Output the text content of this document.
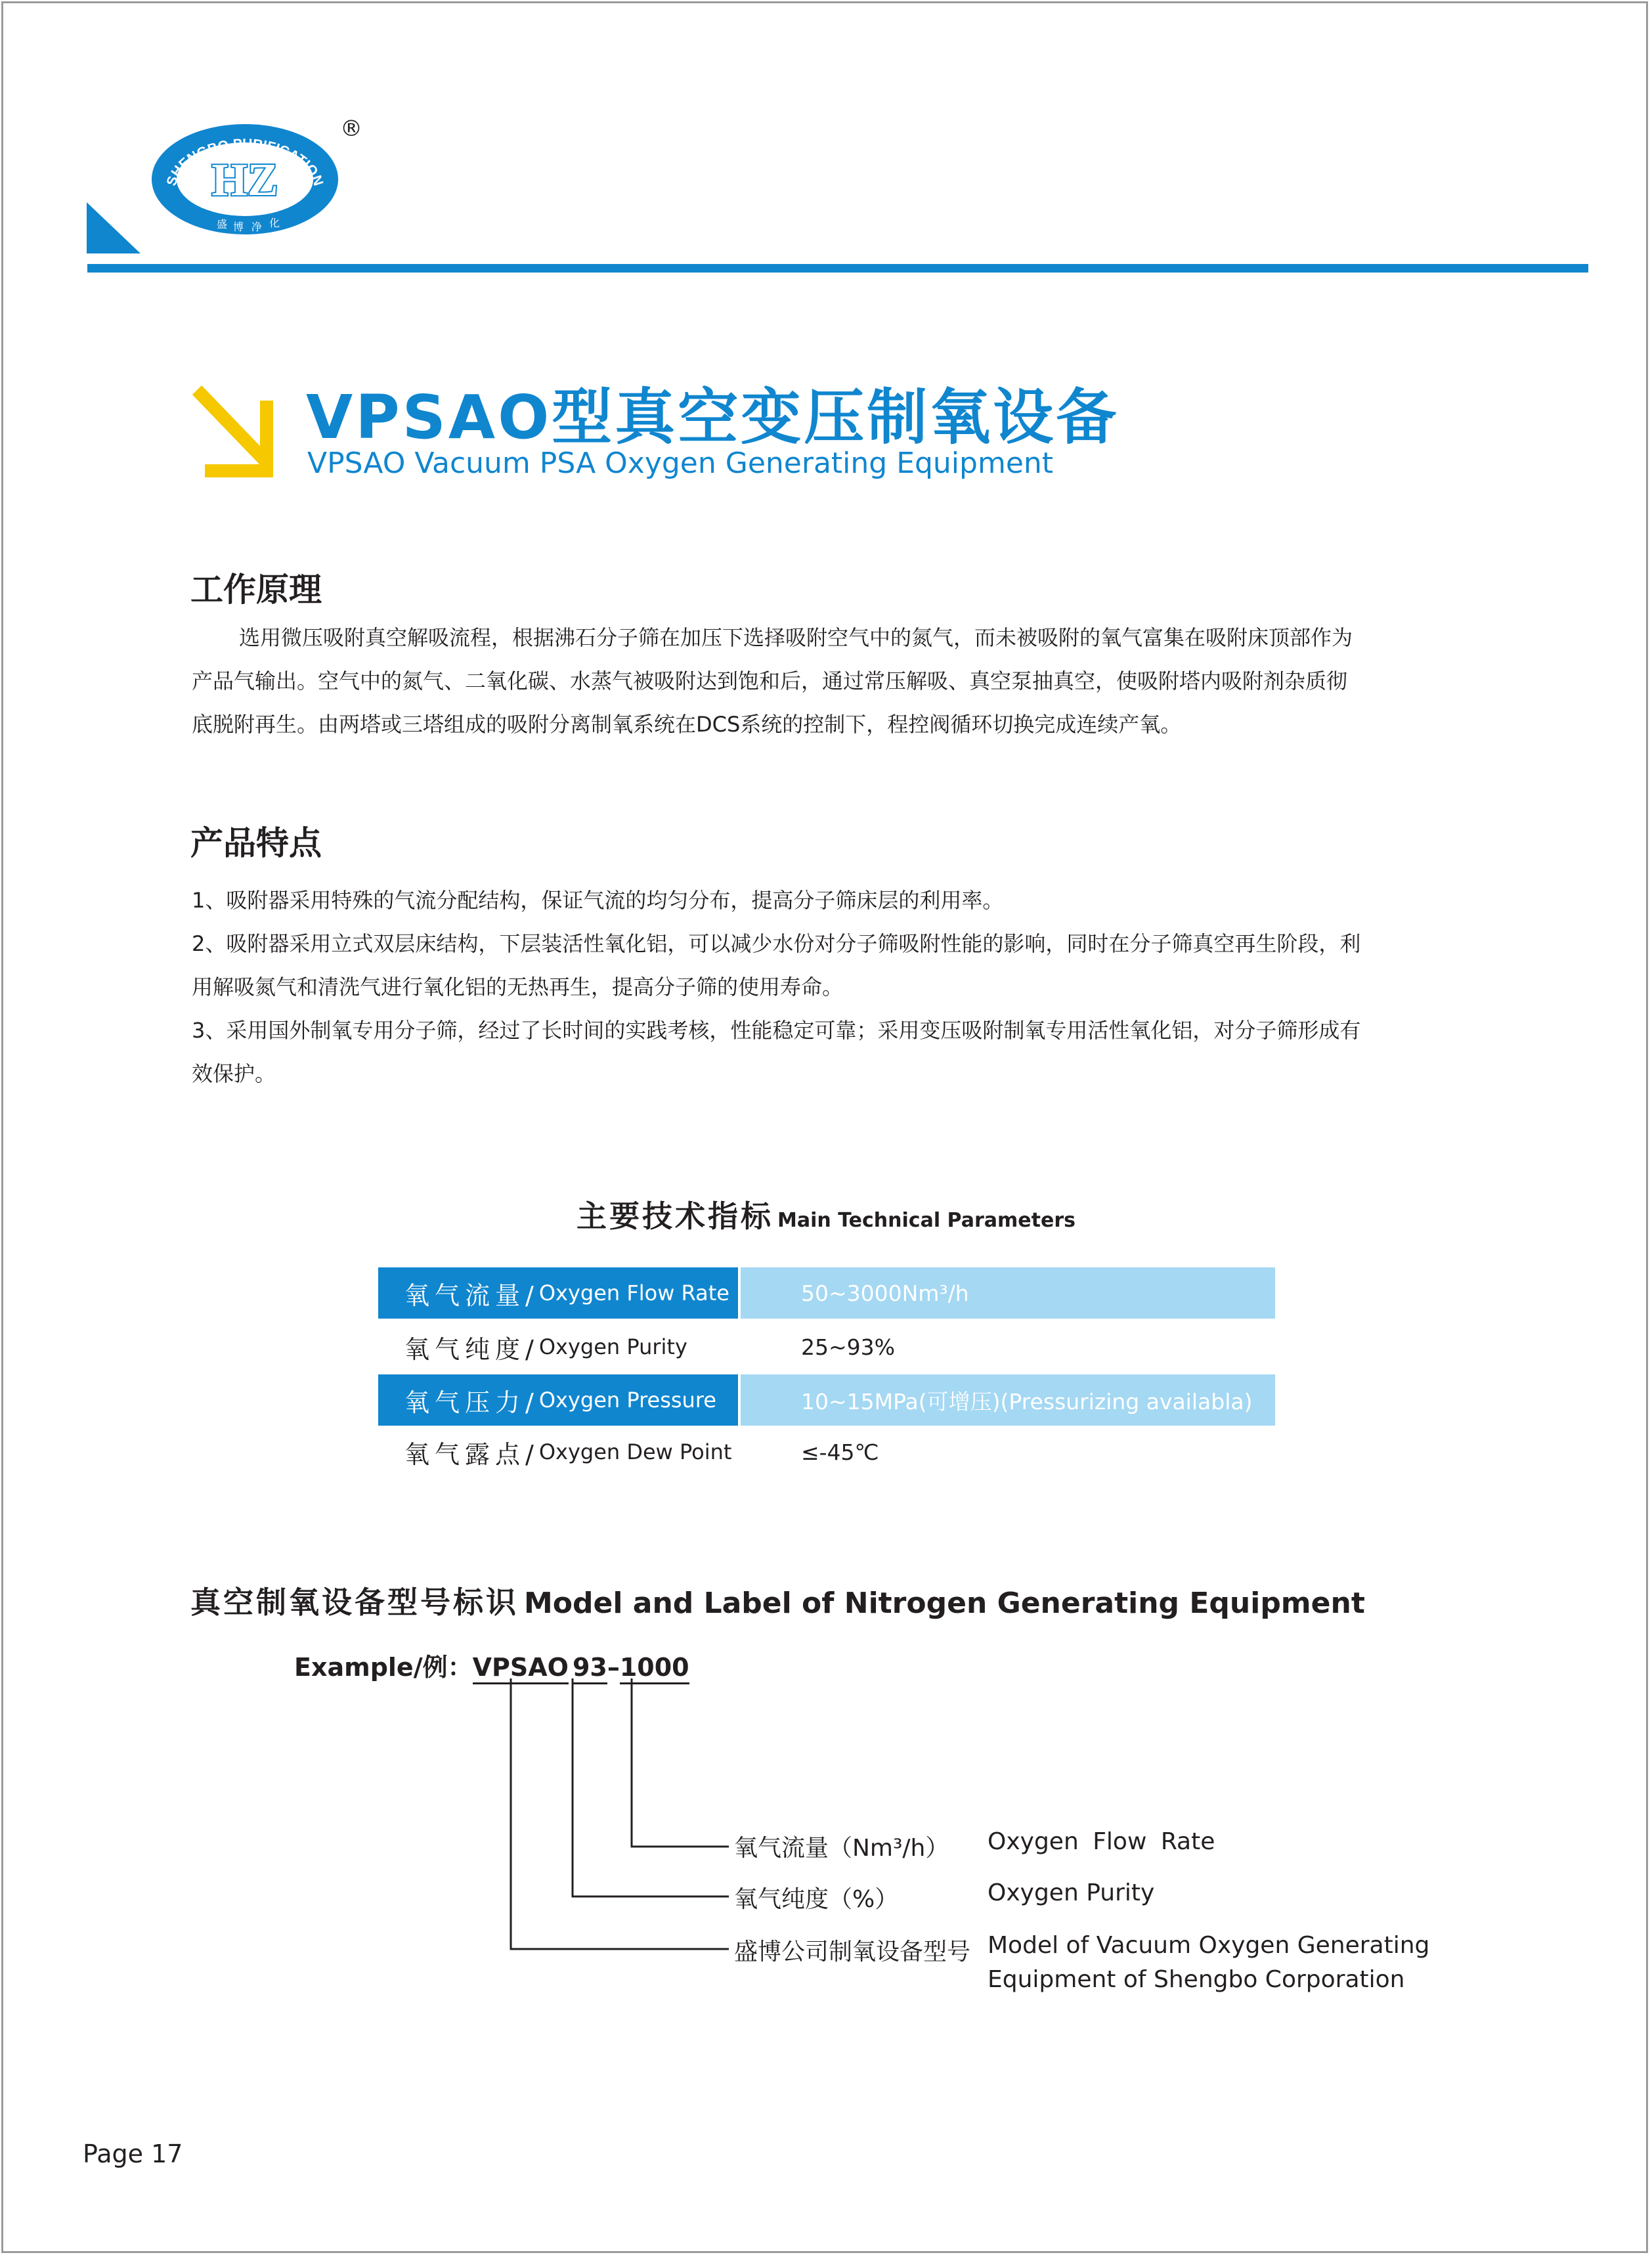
SHENGBO PURIFICATION
HZ
盛 博 净 化
®
VPSAO型真空变压制氧设备
VPSAO Vacuum PSA Oxygen Generating Equipment
工作原理
选用微压吸附真空解吸流程，根据沸石分子筛在加压下选择吸附空气中的氮气，而未被吸附的氧气富集在吸附床顶部作为
产品气输出。空气中的氮气、二氧化碳、水蒸气被吸附达到饱和后，通过常压解吸、真空泵抽真空，使吸附塔内吸附剂杂质彻
底脱附再生。由两塔或三塔组成的吸附分离制氧系统在DCS系统的控制下，程控阀循环切换完成连续产氧。
产品特点
1、吸附器采用特殊的气流分配结构，保证气流的均匀分布，提高分子筛床层的利用率。
2、吸附器采用立式双层床结构，下层装活性氧化铝，可以减少水份对分子筛吸附性能的影响，同时在分子筛真空再生阶段，利
用解吸氮气和清洗气进行氧化铝的无热再生，提高分子筛的使用寿命。
3、采用国外制氧专用分子筛，经过了长时间的实践考核，性能稳定可靠；采用变压吸附制氧专用活性氧化铝，对分子筛形成有
效保护。
主要技术指标 Main Technical Parameters
氧气流量/ Oxygen Flow Rate	50~3000Nm³/h
氧气纯度/ Oxygen Purity	25~93%
氧气压力/ Oxygen Pressure	10~15MPa(可增压)(Pressurizing availabla)
氧气露点/ Oxygen Dew Point	≤-45℃
真空制氧设备型号标识 Model and Label of Nitrogen Generating Equipment
Example/例：VPSAO 93–1000
氧气流量（Nm³/h） Oxygen Flow Rate
氧气纯度（%）	Oxygen Purity
盛博公司制氧设备型号 Model of Vacuum Oxygen Generating
Equipment of Shengbo Corporation
Page 17
